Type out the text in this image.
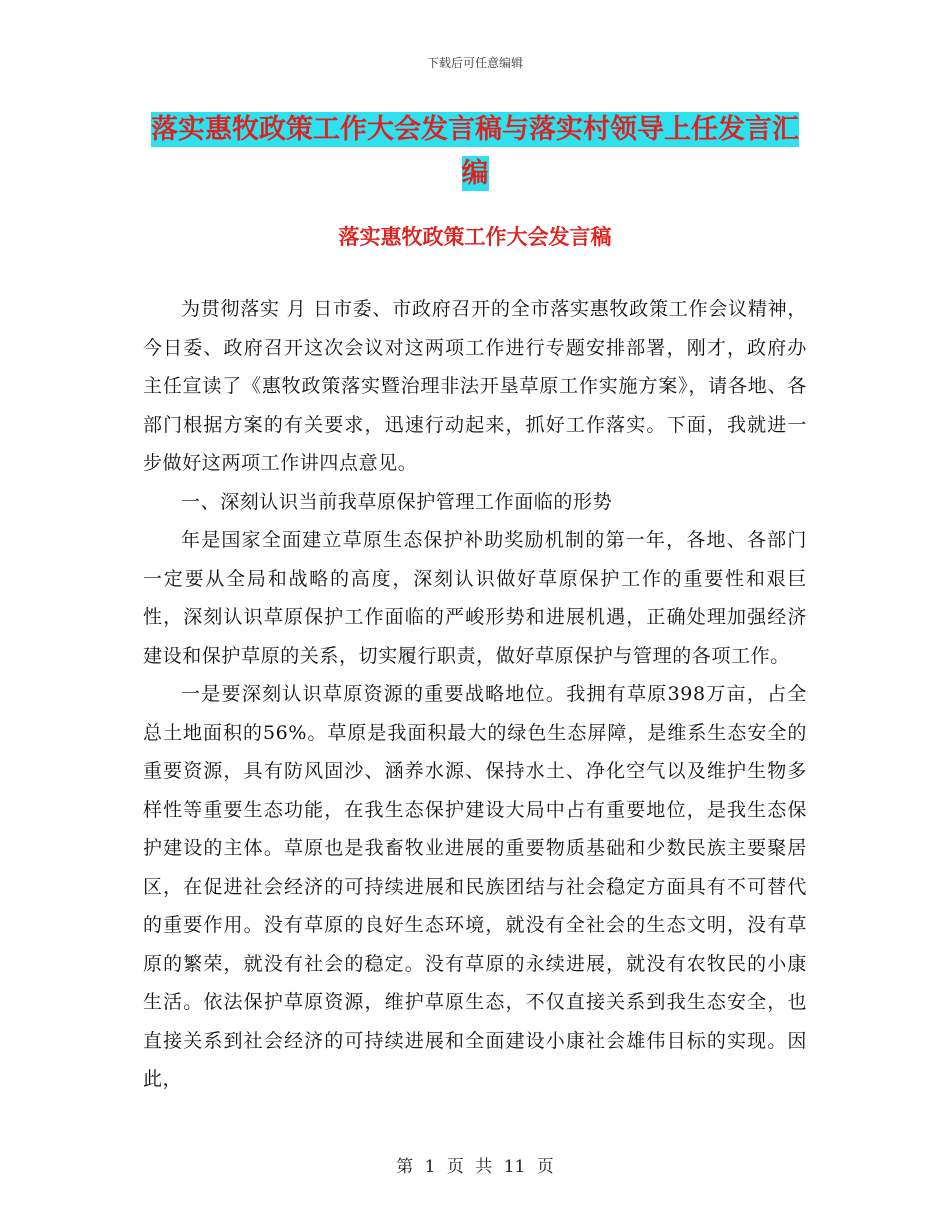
下载后可任意编辑
落实惠牧政策工作大会发言稿与落实村领导上任发言汇编
落实惠牧政策工作大会发言稿

为贯彻落实 月 日市委、市政府召开的全市落实惠牧政策工作会议精神，今日委、政府召开这次会议对这两项工作进行专题安排部署，刚才，政府办 主任宣读了《惠牧政策落实暨治理非法开垦草原工作实施方案》，请各地、各部门根据方案的有关要求，迅速行动起来，抓好工作落实。下面，我就进一步做好这两项工作讲四点意见。

一、深刻认识当前我草原保护管理工作面临的形势

年是国家全面建立草原生态保护补助奖励机制的第一年，各地、各部门一定要从全局和战略的高度，深刻认识做好草原保护工作的重要性和艰巨性，深刻认识草原保护工作面临的严峻形势和进展机遇，正确处理加强经济建设和保护草原的关系，切实履行职责，做好草原保护与管理的各项工作。

一是要深刻认识草原资源的重要战略地位。我拥有草原398万亩，占全总土地面积的56%。草原是我面积最大的绿色生态屏障，是维系生态安全的重要资源，具有防风固沙、涵养水源、保持水土、净化空气以及维护生物多样性等重要生态功能，在我生态保护建设大局中占有重要地位，是我生态保护建设的主体。草原也是我畜牧业进展的重要物质基础和少数民族主要聚居区，在促进社会经济的可持续进展和民族团结与社会稳定方面具有不可替代的重要作用。没有草原的良好生态环境，就没有全社会的生态文明，没有草原的繁荣，就没有社会的稳定。没有草原的永续进展，就没有农牧民的小康生活。依法保护草原资源，维护草原生态，不仅直接关系到我生态安全，也直接关系到社会经济的可持续进展和全面建设小康社会雄伟目标的实现。因此，

第 1 页 共 11 页
